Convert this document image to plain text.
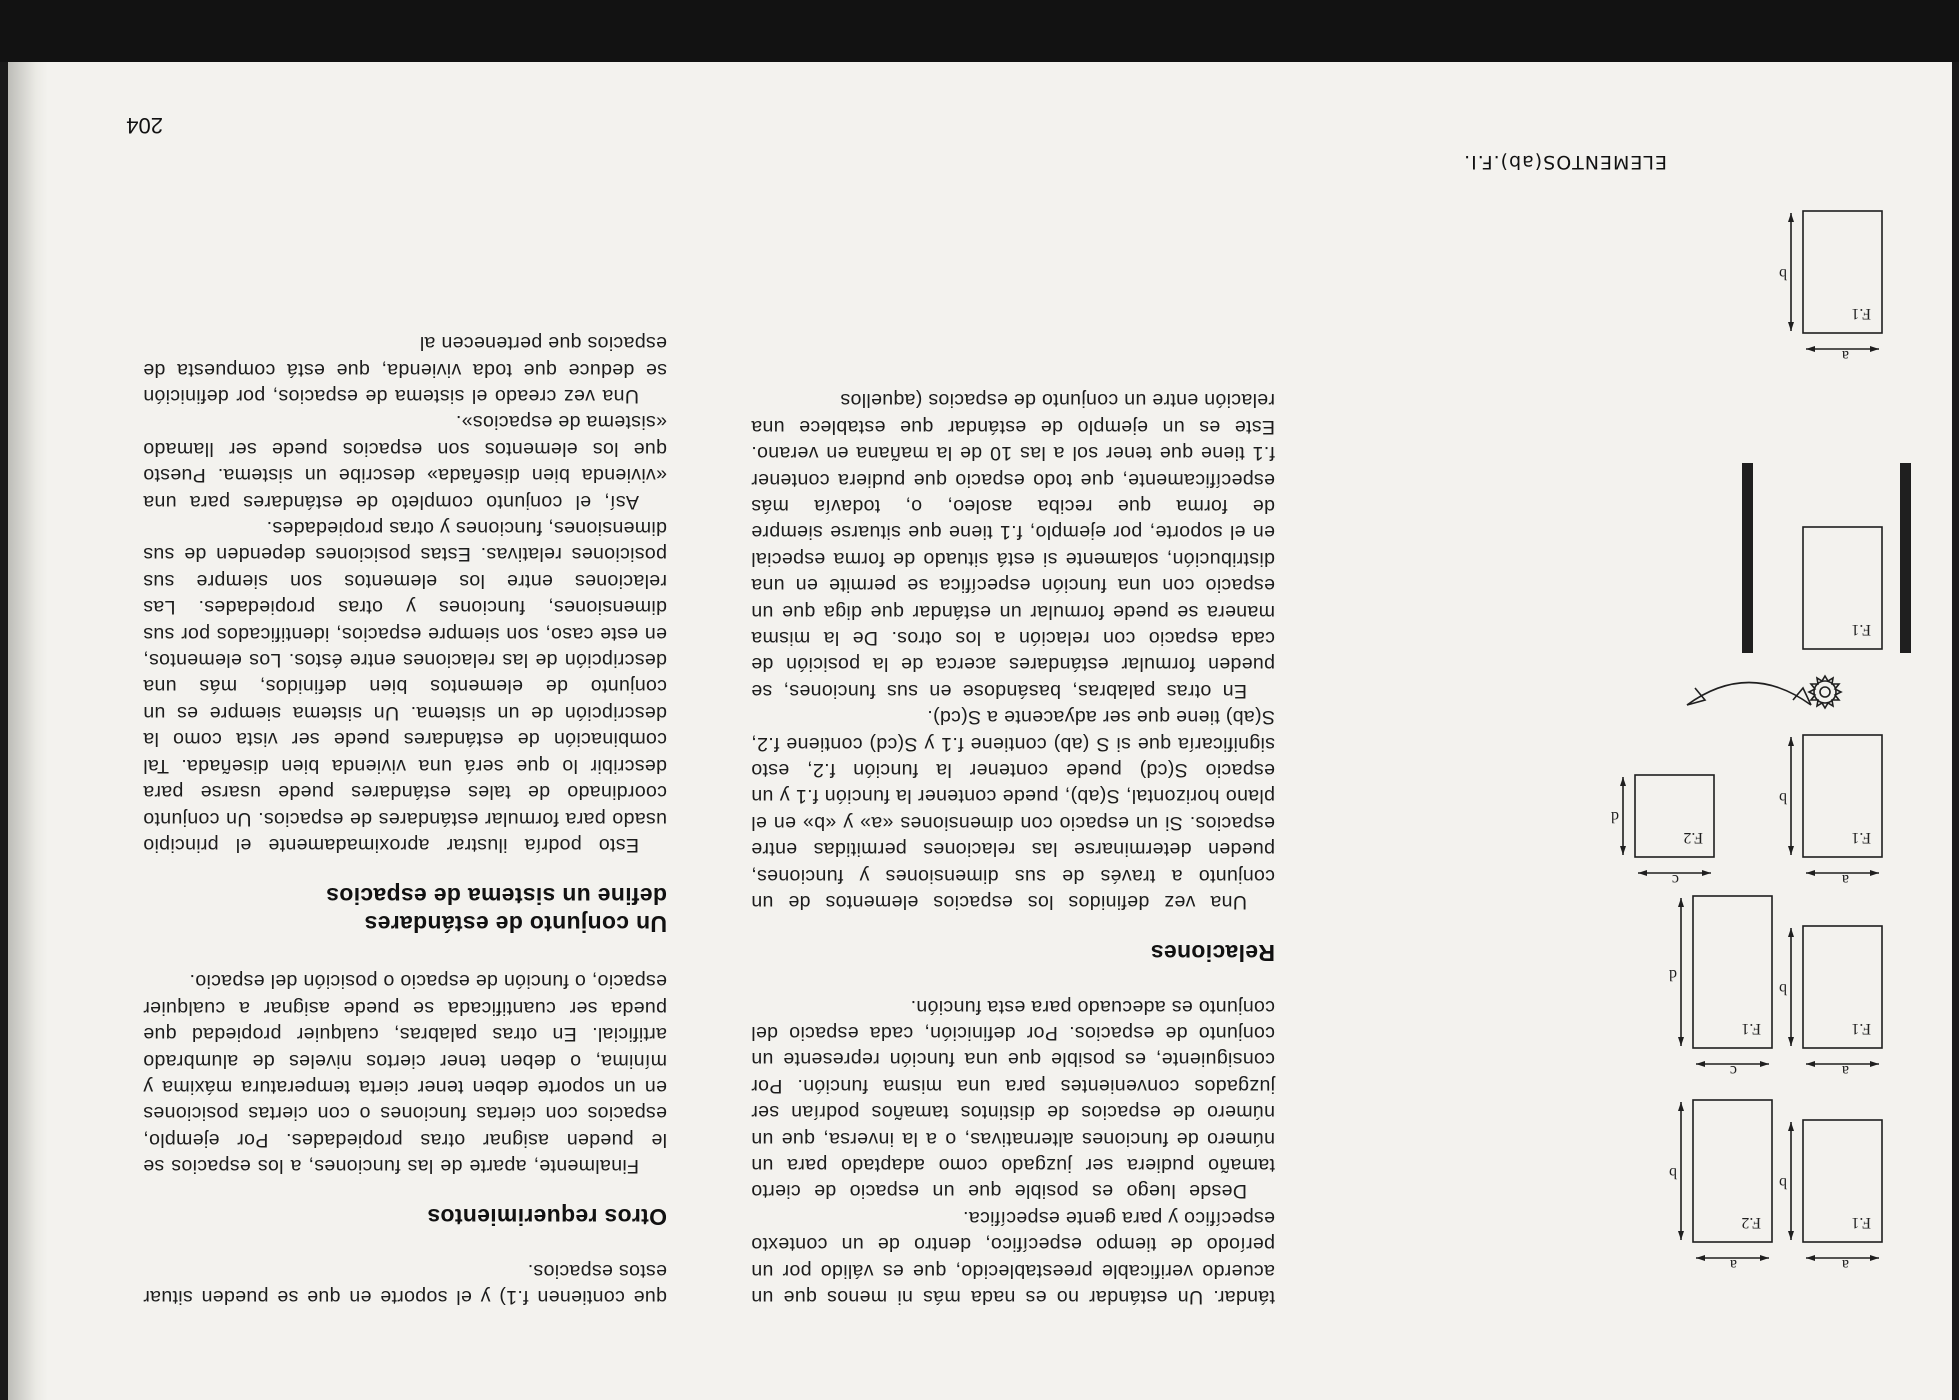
204
a
a
b
b
F.1
F.2
a
c
b
d
F.1
F.1
a
c
b
d
F.1
F.2
F.1
a
b
F.1
ELEMENTOS(ab).F.I.

tándar. Un estándar no es nada más ni menos que un acuerdo verificable preestablecido, que es válido por un período de tiempo específico, dentro de un contexto específico y para gente específica.

Desde luego es posible que un espacio de cierto tamaño pudiera ser juzgado como adaptado para un número de funciones alternativas, o a la inversa, que un número de espacios de distintos tamaños podrían ser juzgados convenientes para una misma función. Por consiguiente, es posible que una función represente un conjunto de espacios. Por definición, cada espacio del conjunto es adecuado para esta función.

Relaciones

Una vez definidos los espacios elementos de un conjunto a través de sus dimensiones y funciones, pueden determinarse las relaciones permitidas entre espacios. Si un espacio con dimensiones «a» y «b» en el plano horizontal, S(ab), puede contener la función f.1 y un espacio S(cd) puede contener la función f.2, esto significaría que si S (ab) contiene f.1 y S(cd) contiene f.2, S(ab) tiene que ser adyacente a S(cd).

En otras palabras, basándose en sus funciones, se pueden formular estándares acerca de la posición de cada espacio con relación a los otros. De la misma manera se puede formular un estándar que diga que un espacio con una función específica se permite en una distribución, solamente si está situado de forma especial en el soporte, por ejemplo, f.1 tiene que situarse siempre de forma que reciba asoleo, o, todavía más específicamente, que todo espacio que pudiera contener f.1 tiene que tener sol a las 10 de la mañana en verano. Este es un ejemplo de estándar que establece una relación entre un conjunto de espacios (aquellos

que contienen f.1) y el soporte en que se pueden situar estos espacios.

Otros requerimientos

Finalmente, aparte de las funciones, a los espacios se le pueden asignar otras propiedades. Por ejemplo, espacios con ciertas funciones o con ciertas posiciones en un soporte deben tener cierta temperatura máxima y mínima, o deben tener ciertos niveles de alumbrado artificial. En otras palabras, cualquier propiedad que pueda ser cuantificada se puede asignar a cualquier espacio, o función de espacio o posición del espacio.

Un conjunto de estándares
define un sistema de espacios

Esto podría ilustrar aproximadamente el principio usado para formular estándares de espacios. Un conjunto coordinado de tales estándares puede usarse para describir lo que será una vivienda bien diseñada. Tal combinación de estándares puede ser vista como la descripción de un sistema. Un sistema siempre es un conjunto de elementos bien definidos, más una descripción de las relaciones entre éstos. Los elementos, en este caso, son siempre espacios, identificados por sus dimensiones, funciones y otras propiedades. Las relaciones entre los elementos son siempre sus posiciones relativas. Estas posiciones dependen de sus dimensiones, funciones y otras propiedades.

Así, el conjunto completo de estándares para una «vivienda bien diseñada» describe un sistema. Puesto que los elementos son espacios puede ser llamado «sistema de espacios».

Una vez creado el sistema de espacios, por definición se deduce que toda vivienda, que está compuesta de espacios que pertenecen al
